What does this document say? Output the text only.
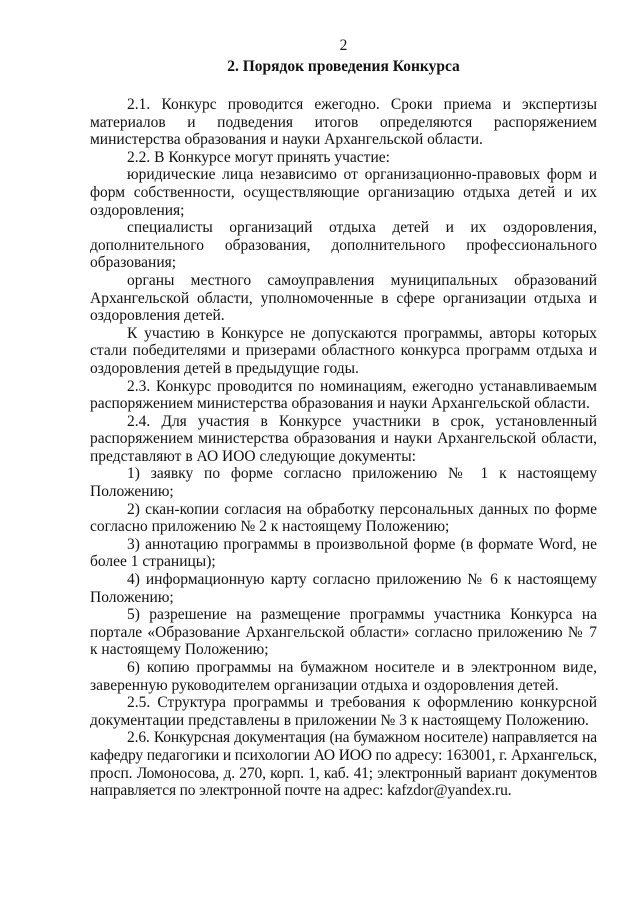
2

2. Порядок проведения Конкурса

2.1. Конкурс проводится ежегодно. Сроки приема и экспертизы материалов и подведения итогов определяются распоряжением министерства образования и науки Архангельской области.

2.2. В Конкурсе могут принять участие:

юридические лица независимо от организационно-правовых форм и форм собственности, осуществляющие организацию отдыха детей и их оздоровления;

специалисты организаций отдыха детей и их оздоровления, дополнительного образования, дополнительного профессионального образования;

органы местного самоуправления муниципальных образований Архангельской области, уполномоченные в сфере организации отдыха и оздоровления детей.

К участию в Конкурсе не допускаются программы, авторы которых стали победителями и призерами областного конкурса программ отдыха и оздоровления детей в предыдущие годы.

2.3. Конкурс проводится по номинациям, ежегодно устанавливаемым распоряжением министерства образования и науки Архангельской области.

2.4. Для участия в Конкурсе участники в срок, установленный распоряжением министерства образования и науки Архангельской области, представляют в АО ИОО следующие документы:

1) заявку по форме согласно приложению № 1 к настоящему Положению;

2) скан-копии согласия на обработку персональных данных по форме согласно приложению № 2 к настоящему Положению;

3) аннотацию программы в произвольной форме (в формате Word, не более 1 страницы);

4) информационную карту согласно приложению № 6 к настоящему Положению;

5) разрешение на размещение программы участника Конкурса на портале «Образование Архангельской области» согласно приложению № 7 к настоящему Положению;

6) копию программы на бумажном носителе и в электронном виде, заверенную руководителем организации отдыха и оздоровления детей.

2.5. Структура программы и требования к оформлению конкурсной документации представлены в приложении № 3 к настоящему Положению.

2.6. Конкурсная документация (на бумажном носителе) направляется на кафедру педагогики и психологии АО ИОО по адресу: 163001, г. Архангельск, просп. Ломоносова, д. 270, корп. 1, каб. 41; электронный вариант документов направляется по электронной почте на адрес: kafzdor@yandex.ru.
